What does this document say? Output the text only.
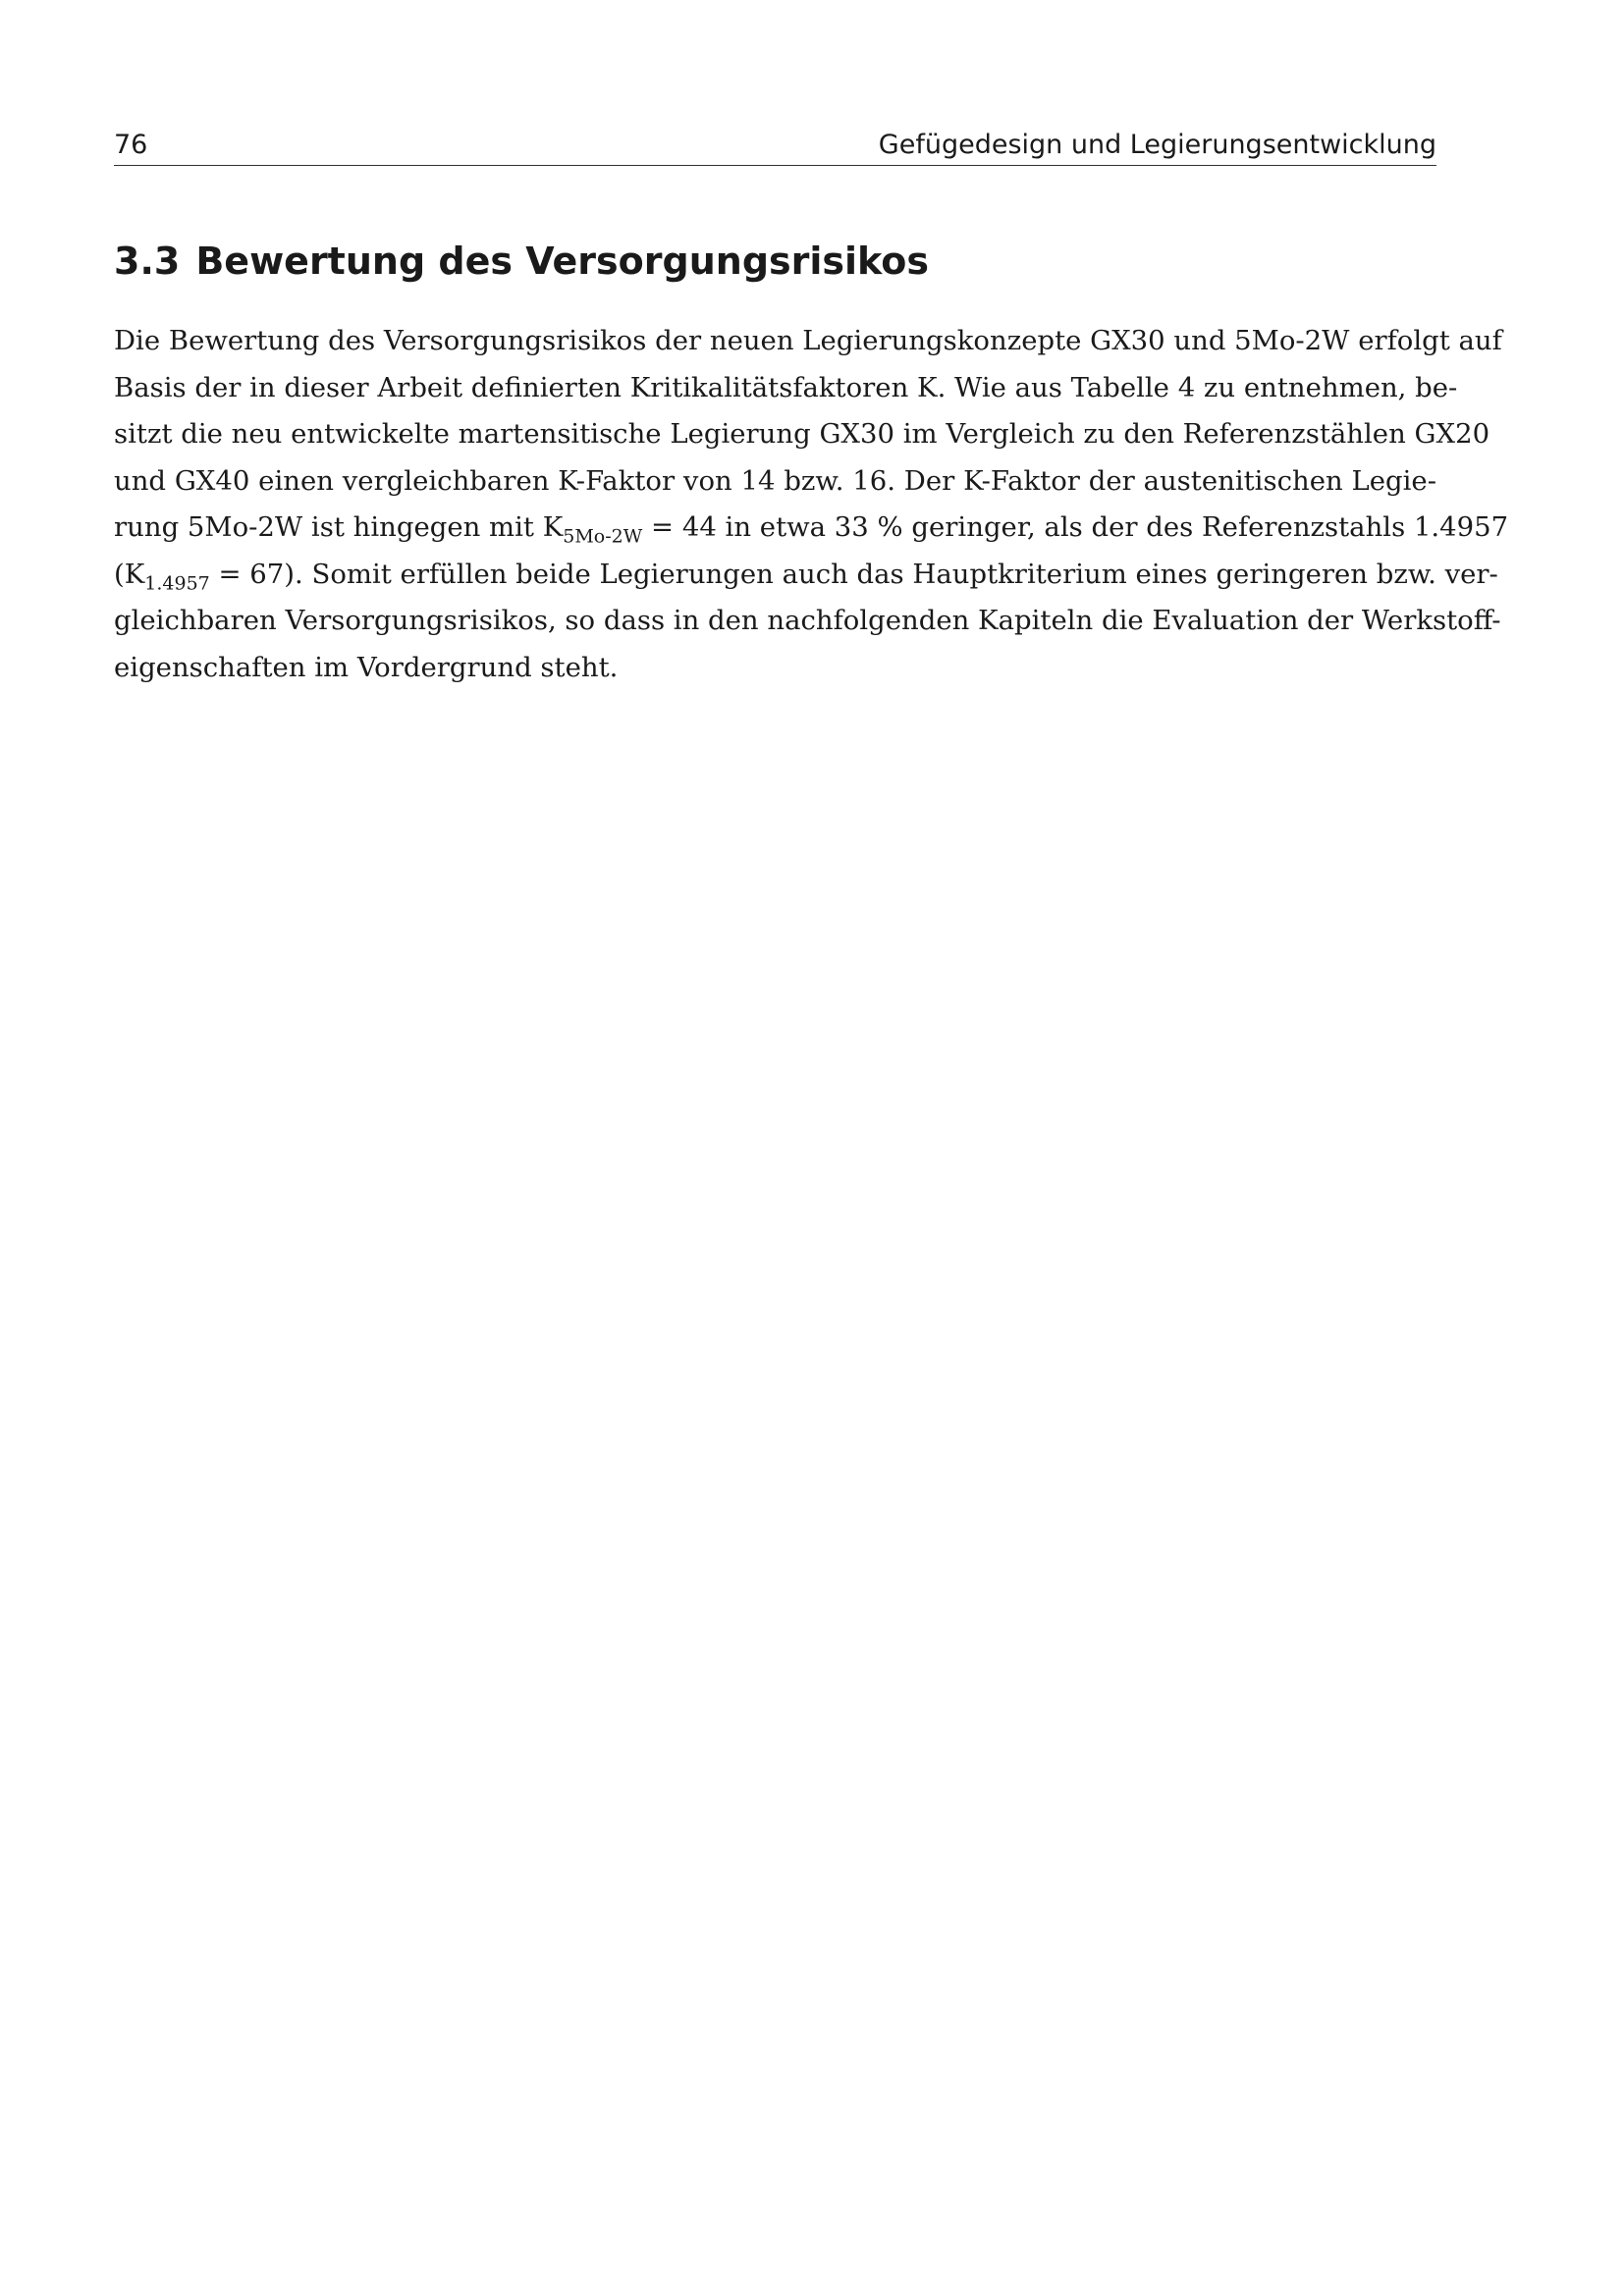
76	Gefügedesign und Legierungsentwicklung
3.3 Bewertung des Versorgungsrisikos
Die Bewertung des Versorgungsrisikos der neuen Legierungskonzepte GX30 und 5Mo-2W erfolgt auf
Basis der in dieser Arbeit definierten Kritikalitätsfaktoren K. Wie aus Tabelle 4 zu entnehmen, be-
sitzt die neu entwickelte martensitische Legierung GX30 im Vergleich zu den Referenzstählen GX20
und GX40 einen vergleichbaren K-Faktor von 14 bzw. 16. Der K-Faktor der austenitischen Legie-
rung 5Mo-2W ist hingegen mit $K_{5Mo-2W} = 44$ in etwa 33 % geringer, als der des Referenzstahls 1.4957
$(K_{1.4957} = 67)$. Somit erfüllen beide Legierungen auch das Hauptkriterium eines geringeren bzw. ver-
gleichbaren Versorgungsrisikos, so dass in den nachfolgenden Kapiteln die Evaluation der Werkstoff-
eigenschaften im Vordergrund steht.
